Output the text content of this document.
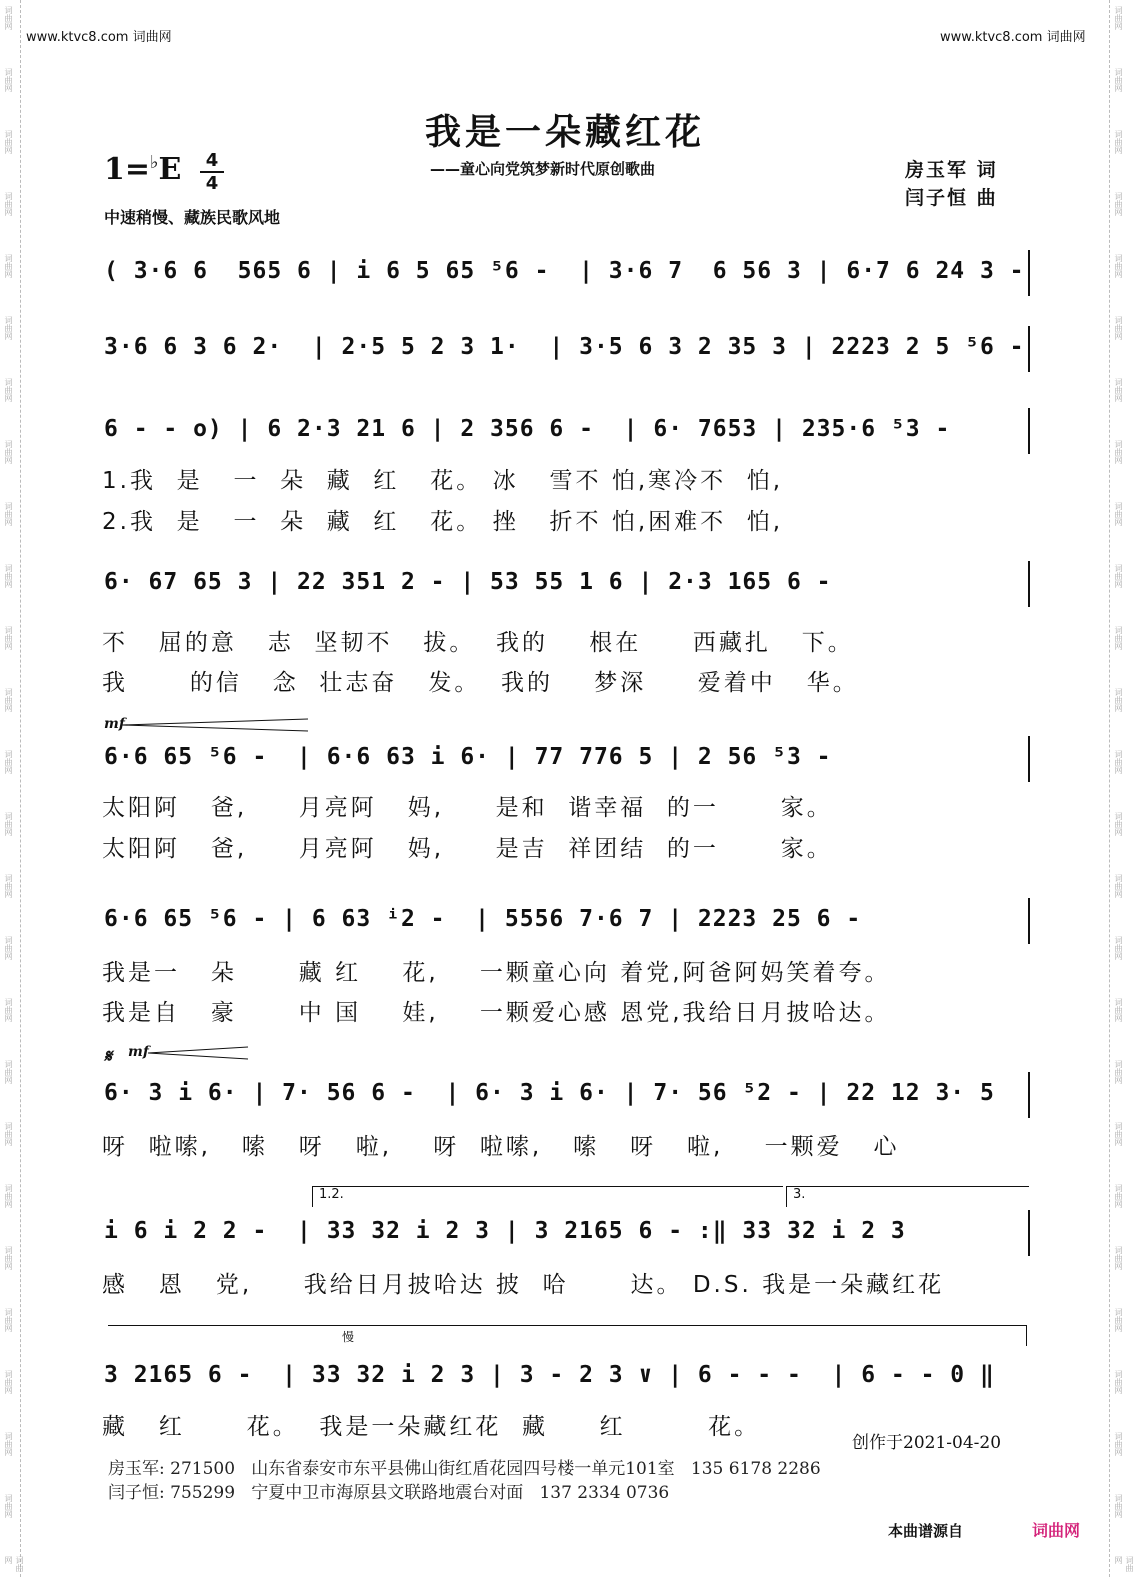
词曲网
词曲网
词曲网
词曲网
词曲网
词曲网
词曲网
词曲网
词曲网
词曲网
词曲网
词曲网
词曲网
词曲网
词曲网
词曲网
词曲网
词曲网
词曲网
词曲网
词曲网
词曲网
词曲网
词曲网
词曲网
词曲网
词曲网
词曲网
词曲网
词曲网
词曲网
词曲网
词曲网
词曲网
词曲网
词曲网
词曲网
词曲网
词曲网
词曲网
词曲网
词曲网
词曲网
词曲网
词曲网
词曲网
词曲网
词曲网
词曲网
词曲网
词曲网
词曲网
www.ktvc8.com 词曲网	www.ktvc8.com 词曲网
我是一朵藏红花
——童心向党筑梦新时代原创歌曲
1=♭E	4
4
中速稍慢、藏族民歌风地
房玉军 词
闫子恒 曲
( 3·6 6  565 6 | i 6 5 65 ⁵6 -  | 3·6 7  6 56 3 | 6·7 6 24 3 -
3·6 6 3 6 2·  | 2·5 5 2 3 1·  | 3·5 6 3 2 35 3 | 2223 2 5 ⁵6 -
6 - - o) | 6 2·3 21 6 | 2 356 6 -  | 6· 7653 | 235·6 ⁵3 -
1.我  是   一  朵  藏  红   花。 冰   雪不 怕,寒冷不  怕,
2.我  是   一  朵  藏  红   花。 挫   折不 怕,困难不  怕,
6· 67 65 3 | 22 351 2 - | 53 55 1 6 | 2·3 165 6 -
不   屈的意   志  坚韧不   拔。  我的    根在     西藏扎   下。
我      的信   念  壮志奋   发。  我的    梦深     爱着中   华。
mf
6·6 65 ⁵6 -  | 6·6 63 i 6· | 77 776 5 | 2 56 ⁵3 -
太阳阿   爸,     月亮阿   妈,     是和  谐幸福  的一      家。
太阳阿   爸,     月亮阿   妈,     是吉  祥团结  的一      家。
6·6 65 ⁵6 - | 6 63 ⁱ2 -  | 5556 7·6 7 | 2223 25 6 -
我是一   朵      藏 红    花,    一颗童心向 着党,阿爸阿妈笑着夸。
我是自   豪      中 国    娃,    一颗爱心感 恩党,我给日月披哈达。
𝄋 mf
6· 3 i 6· | 7· 56 6 -  | 6· 3 i 6· | 7· 56 ⁵2 - | 22 12 3· 5
呀  啦嗦,   嗦   呀   啦,    呀  啦嗦,   嗦   呀   啦,    一颗爱   心
1.2.	3.
i 6 i 2 2 -  | 33 32 i 2 3 | 3 2165 6 - :‖ 33 32 i 2 3
感   恩   党,     我给日月披哈达 披  哈      达。 D.S. 我是一朵藏红花
慢
3 2165 6 -  | 33 32 i 2 3 | 3 - 2 3 ∨ | 6 - - -  | 6 - - 0 ‖
藏   红      花。  我是一朵藏红花  藏     红        花。
创作于2021-04-20
房玉军: 271500   山东省泰安市东平县佛山街红盾花园四号楼一单元101室   135 6178 2286
闫子恒: 755299   宁夏中卫市海原县文联路地震台对面   137 2334 0736
本曲谱源自	词曲网
